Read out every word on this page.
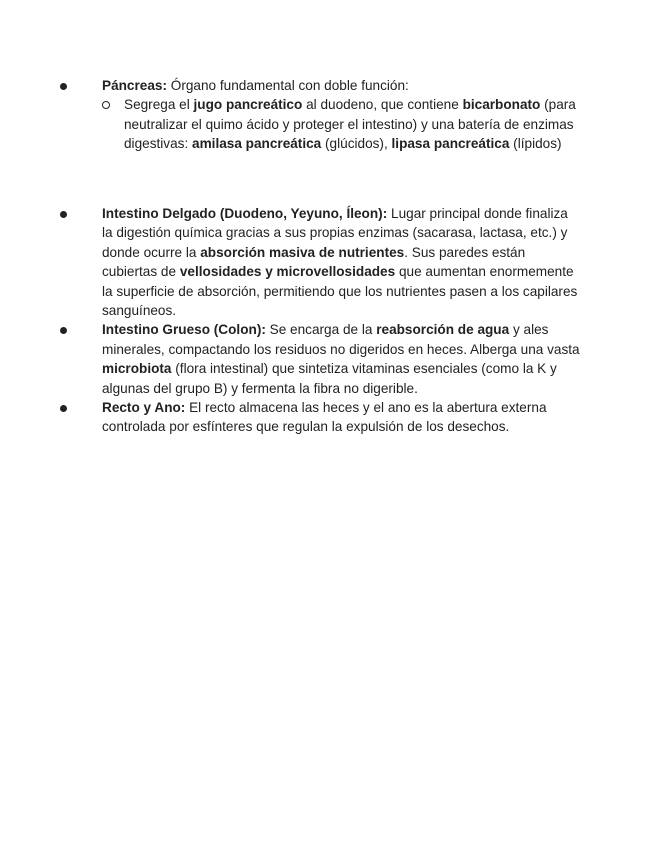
Páncreas: Órgano fundamental con doble función:
Segrega el jugo pancreático al duodeno, que contiene bicarbonato (para neutralizar el quimo ácido y proteger el intestino) y una batería de enzimas digestivas: amilasa pancreática (glúcidos), lipasa pancreática (lípidos)
Intestino Delgado (Duodeno, Yeyuno, Íleon): Lugar principal donde finaliza la digestión química gracias a sus propias enzimas (sacarasa, lactasa, etc.) y donde ocurre la absorción masiva de nutrientes. Sus paredes están cubiertas de vellosidades y microvellosidades que aumentan enormemente la superficie de absorción, permitiendo que los nutrientes pasen a los capilares sanguíneos.
Intestino Grueso (Colon): Se encarga de la reabsorción de agua y ales minerales, compactando los residuos no digeridos en heces. Alberga una vasta microbiota (flora intestinal) que sintetiza vitaminas esenciales (como la K y algunas del grupo B) y fermenta la fibra no digerible.
Recto y Ano: El recto almacena las heces y el ano es la abertura externa controlada por esfínteres que regulan la expulsión de los desechos.
